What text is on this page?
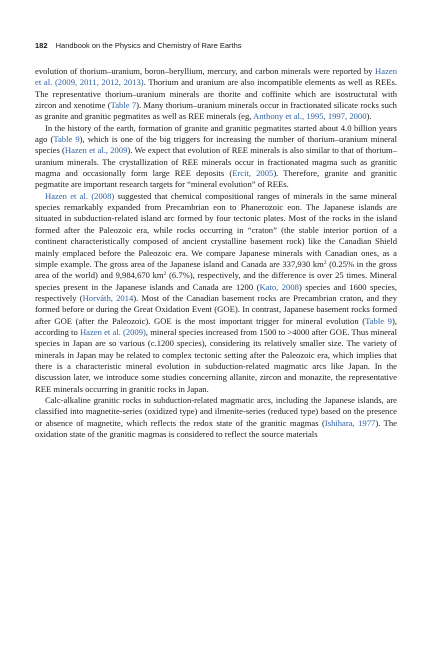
182 Handbook on the Physics and Chemistry of Rare Earths

evolution of thorium–uranium, boron–beryllium, mercury, and carbon minerals were reported by Hazen et al. (2009, 2011, 2012, 2013). Thorium and uranium are also incompatible elements as well as REEs. The representative thorium–uranium minerals are thorite and coffinite which are isostructural with zircon and xenotime (Table 7). Many thorium–uranium minerals occur in fractionated silicate rocks such as granite and granitic pegmatites as well as REE minerals (eg, Anthony et al., 1995, 1997, 2000).

In the history of the earth, formation of granite and granitic pegmatites started about 4.0 billion years ago (Table 9), which is one of the big triggers for increasing the number of thorium–uranium mineral species (Hazen et al., 2009). We expect that evolution of REE minerals is also similar to that of thorium–uranium minerals. The crystallization of REE minerals occur in fractionated magma such as granitic magma and occasionally form large REE deposits (Ercit, 2005). Therefore, granite and granitic pegmatite are important research targets for “mineral evolution” of REEs.

Hazen et al. (2008) suggested that chemical compositional ranges of minerals in the same mineral species remarkably expanded from Precambrian eon to Phanerozoic eon. The Japanese islands are situated in subduction-related island arc formed by four tectonic plates. Most of the rocks in the island formed after the Paleozoic era, while rocks occurring in “craton” (the stable interior portion of a continent characteristically composed of ancient crystalline basement rock) like the Canadian Shield mainly emplaced before the Paleozoic era. We compare Japanese minerals with Canadian ones, as a simple example. The gross area of the Japanese island and Canada are 337,930 $km^2$ (0.25% in the gross area of the world) and 9,984,670 $km^2$ (6.7%), respectively, and the difference is over 25 times. Mineral species present in the Japanese islands and Canada are 1200 (Kato, 2008) species and 1600 species, respectively (Horváth, 2014). Most of the Canadian basement rocks are Precambrian craton, and they formed before or during the Great Oxidation Event (GOE). In contrast, Japanese basement rocks formed after GOE (after the Paleozoic). GOE is the most important trigger for mineral evolution (Table 9), according to Hazen et al. (2009), mineral species increased from 1500 to >4000 after GOE. Thus mineral species in Japan are so various (c.1200 species), considering its relatively smaller size. The variety of minerals in Japan may be related to complex tectonic setting after the Paleozoic era, which implies that there is a characteristic mineral evolution in subduction-related magmatic arcs like Japan. In the discussion later, we introduce some studies concerning allanite, zircon and monazite, the representative REE minerals occurring in granitic rocks in Japan.

Calc-alkaline granitic rocks in subduction-related magmatic arcs, including the Japanese islands, are classified into magnetite-series (oxidized type) and ilmenite-series (reduced type) based on the presence or absence of magnetite, which reflects the redox state of the granitic magmas (Ishihara, 1977). The oxidation state of the granitic magmas is considered to reflect the source materials
